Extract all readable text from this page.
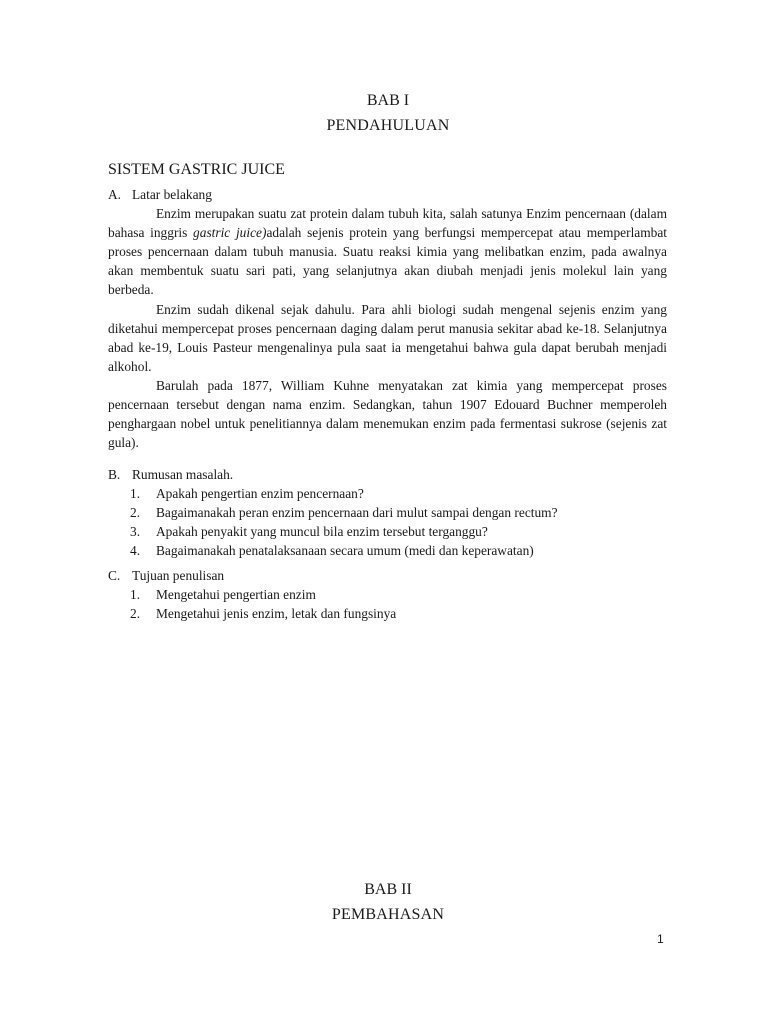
BAB I
PENDAHULUAN
SISTEM GASTRIC JUICE
A. Latar belakang

Enzim merupakan suatu zat protein dalam tubuh kita, salah satunya Enzim pencernaan (dalam bahasa inggris gastric juice)adalah sejenis protein yang berfungsi mempercepat atau memperlambat proses pencernaan dalam tubuh manusia. Suatu reaksi kimia yang melibatkan enzim, pada awalnya akan membentuk suatu sari pati, yang selanjutnya akan diubah menjadi jenis molekul lain yang berbeda.

Enzim sudah dikenal sejak dahulu. Para ahli biologi sudah mengenal sejenis enzim yang diketahui mempercepat proses pencernaan daging dalam perut manusia sekitar abad ke-18. Selanjutnya abad ke-19, Louis Pasteur mengenalinya pula saat ia mengetahui bahwa gula dapat berubah menjadi alkohol.

Barulah pada 1877, William Kuhne menyatakan zat kimia yang mempercepat proses pencernaan tersebut dengan nama enzim. Sedangkan, tahun 1907 Edouard Buchner memperoleh penghargaan nobel untuk penelitiannya dalam menemukan enzim pada fermentasi sukrose (sejenis zat gula).

B. Rumusan masalah.
1. Apakah pengertian enzim pencernaan?
2. Bagaimanakah peran enzim pencernaan dari mulut sampai dengan rectum?
3. Apakah penyakit yang muncul bila enzim tersebut terganggu?
4. Bagaimanakah penatalaksanaan secara umum (medi dan keperawatan)
C. Tujuan penulisan
1. Mengetahui pengertian enzim
2. Mengetahui jenis enzim, letak dan fungsinya
BAB II
PEMBAHASAN
1
